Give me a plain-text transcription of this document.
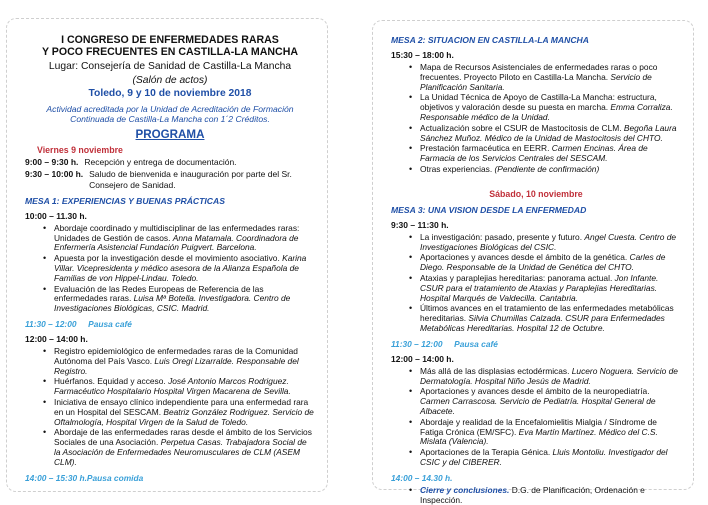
I CONGRESO DE ENFERMEDADES RARAS
Y POCO FRECUENTES EN CASTILLA-LA MANCHA
Lugar: Consejería de Sanidad de Castilla-La Mancha
(Salón de actos)
Toledo, 9 y 10 de noviembre 2018
Actividad acreditada por la Unidad de Acreditación de Formación
Continuada de Castilla-La Mancha con 1´2 Créditos.
PROGRAMA
Viernes 9 noviembre
9:00 – 9:30 h. Recepción y entrega de documentación.
9:30 – 10:00 h. Saludo de bienvenida e inauguración por parte del Sr. Consejero de Sanidad.
MESA 1: EXPERIENCIAS Y BUENAS PRÁCTICAS
10:00 – 11.30 h.
• Abordaje coordinado y multidisciplinar de las enfermedades raras: Unidades de Gestión de casos. Anna Matamala. Coordinadora de Enfermería Asistencial Fundación Puigvert. Barcelona.
• Apuesta por la investigación desde el movimiento asociativo. Karina Villar. Vicepresidenta y médico asesora de la Alianza Española de Familias de von Hippel-Lindau. Toledo.
• Evaluación de las Redes Europeas de Referencia de las enfermedades raras. Luisa Mª Botella. Investigadora. Centro de Investigaciones Biológicas, CSIC. Madrid.
11:30 – 12:00     Pausa café
12:00 – 14:00 h.
• Registro epidemiológico de enfermedades raras de la Comunidad Autónoma del País Vasco. Luis Oregi Lizarralde. Responsable del Registro.
• Huérfanos. Equidad y acceso. José Antonio Marcos Rodriguez. Farmacéutico Hospitalario Hospital Virgen Macarena de Sevilla.
• Iniciativa de ensayo clínico independiente para una enfermedad rara en un Hospital del SESCAM. Beatriz González Rodriguez. Servicio de Oftalmología, Hospital Virgen de la Salud de Toledo.
• Abordaje de las enfermedades raras desde el ámbito de los Servicios Sociales de una Asociación. Perpetua Casas. Trabajadora Social de la Asociación de Enfermedades Neuromusculares de CLM (ASEM CLM).
14:00 – 15:30 h.Pausa comida
MESA 2: SITUACION EN CASTILLA-LA MANCHA
15:30 – 18:00 h.
• Mapa de Recursos Asistenciales de enfermedades raras o poco frecuentes. Proyecto Piloto en Castilla-La Mancha. Servicio de Planificación Sanitaria.
• La Unidad Técnica de Apoyo de Castilla-La Mancha: estructura, objetivos y valoración desde su puesta en marcha. Emma Corraliza. Responsable médico de la Unidad.
• Actualización sobre el CSUR de Mastocitosis de CLM. Begoña Laura Sánchez Muñoz. Médico de la Unidad de Mastocitosis del CHTO.
• Prestación farmacéutica en EERR. Carmen Encinas. Área de Farmacia de los Servicios Centrales del SESCAM.
• Otras experiencias. (Pendiente de confirmación)
Sábado, 10 noviembre
MESA 3: UNA VISION DESDE LA ENFERMEDAD
9:30 – 11:30 h.
• La investigación: pasado, presente y futuro. Angel Cuesta. Centro de Investigaciones Biológicas del CSIC.
• Aportaciones y avances desde el ámbito de la genética. Carles de Diego. Responsable de la Unidad de Genética del CHTO.
• Ataxias y paraplejias hereditarias: panorama actual. Jon Infante. CSUR para el tratamiento de Ataxias y Paraplejias Hereditarias. Hospital Marqués de Valdecilla. Cantabria.
• Últimos avances en el tratamiento de las enfermedades metabólicas hereditarias. Silvia Chumillas Calzada. CSUR para Enfermedades Metabólicas Hereditarias. Hospital 12 de Octubre.
11:30 – 12:00     Pausa café
12:00 – 14:00 h.
• Más allá de las displasias ectodérmicas. Lucero Noguera. Servicio de Dermatología. Hospital Niño Jesús de Madrid.
• Aportaciones y avances desde el ámbito de la neuropediatría. Carmen Carrascosa. Servicio de Pediatría. Hospital General de Albacete.
• Abordaje y realidad de la Encefalomielitis Mialgia / Síndrome de Fatiga Crónica (EM/SFC). Eva Martín Martínez. Médico del C.S. Mislata (Valencia).
• Aportaciones de la Terapia Génica. Lluis Montoliu. Investigador del CSIC y del CIBERER.
14:00 – 14.30 h.
• Cierre y conclusiones. D.G. de Planificación, Ordenación e Inspección.
